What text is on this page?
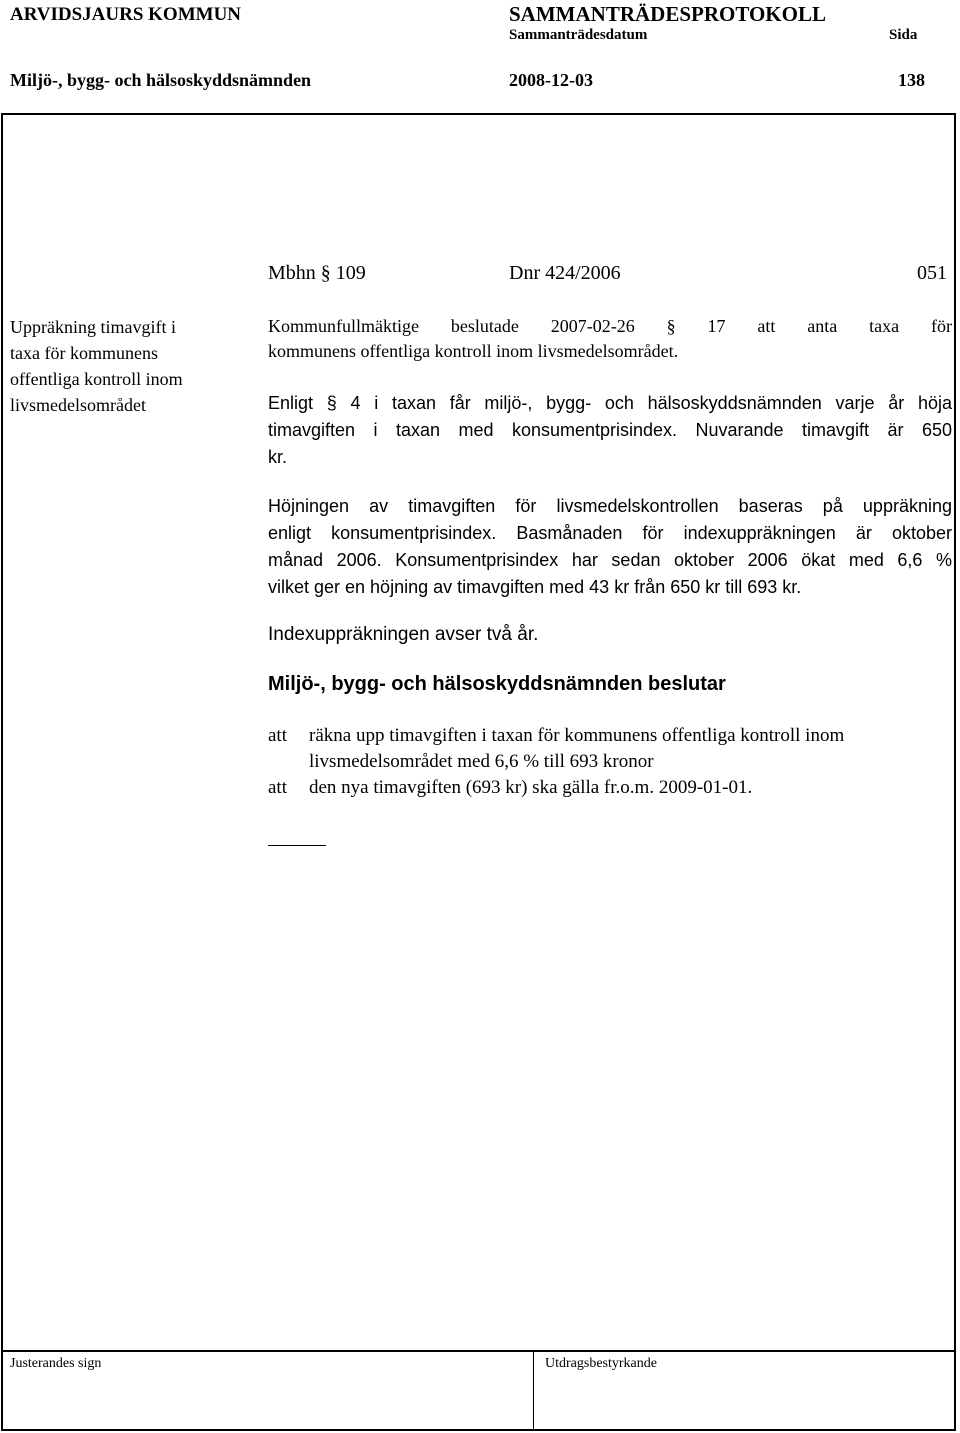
ARVIDSJAURS KOMMUN	SAMMANTRÄDESPROTOKOLL
Sammanträdesdatum	Sida
Miljö-, bygg- och hälsoskyddsnämnden	2008-12-03	138
Justerandes sign	Utdragsbestyrkande
Mbhn § 109	Dnr 424/2006	051
Uppräkning timavgift i
taxa för kommunens
offentliga kontroll inom
livsmedelsområdet
Kommunfullmäktige beslutade 2007-02-26 § 17 att anta taxa för
kommunens offentliga kontroll inom livsmedelsområdet.
Enligt § 4 i taxan får miljö-, bygg- och hälsoskyddsnämnden varje år höja
timavgiften i taxan med konsumentprisindex. Nuvarande timavgift är 650
kr.
Höjningen av timavgiften för livsmedelskontrollen baseras på uppräkning
enligt konsumentprisindex. Basmånaden för indexuppräkningen är oktober
månad 2006. Konsumentprisindex har sedan oktober 2006 ökat med 6,6 %
vilket ger en höjning av timavgiften med 43 kr från 650 kr till 693 kr.
Indexuppräkningen avser två år.
Miljö-, bygg- och hälsoskyddsnämnden beslutar
att räkna upp timavgiften i taxan för kommunens offentliga kontroll inom
livsmedelsområdet med 6,6 % till 693 kronor
att den nya timavgiften (693 kr) ska gälla fr.o.m. 2009-01-01.
